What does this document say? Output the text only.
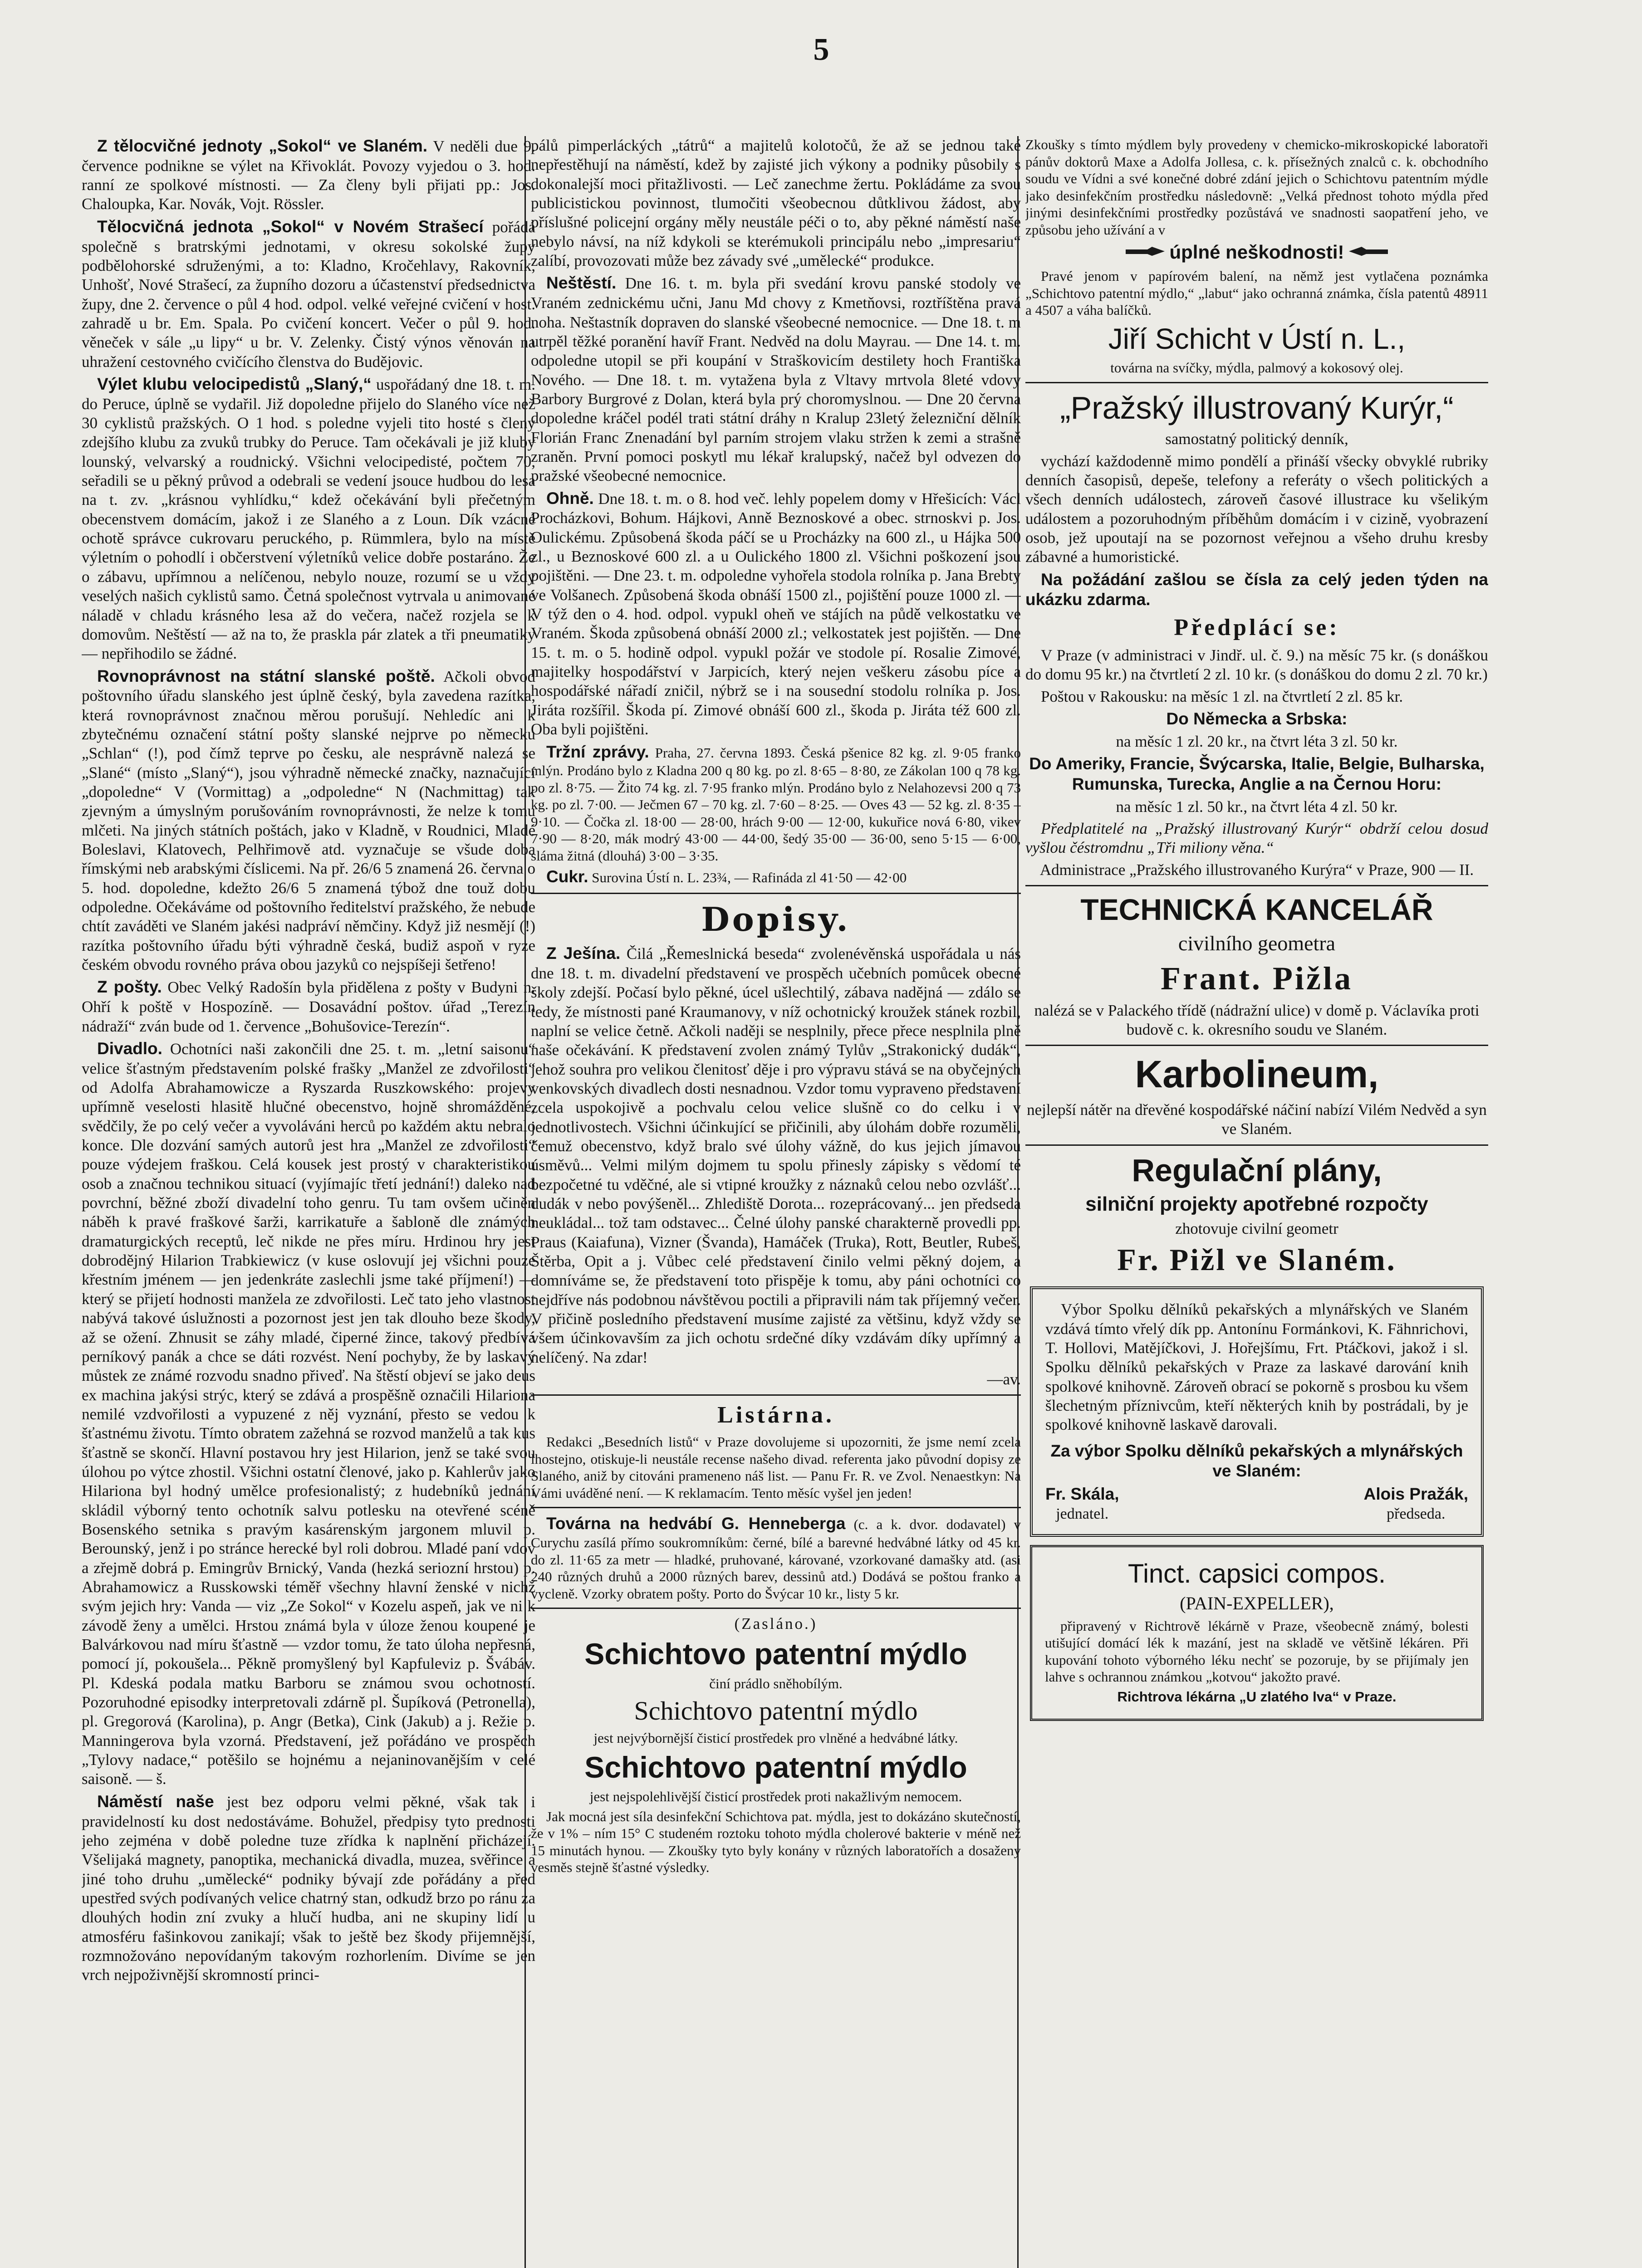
5

Z tělocvičné jednoty „Sokol“ ve Slaném. V neděli due 9. července podnikne se výlet na Křivoklát. Povozy vyjedou o 3. hod. ranní ze spolkové místnosti. — Za členy byli přijati pp.: Jos. Chaloupka, Kar. Novák, Vojt. Rössler.

Tělocvičná jednota „Sokol“ v Novém Strašecí pořádá společně s bratrskými jednotami, v okresu sokolské župy podbělohorské sdruženými, a to: Kladno, Kročehlavy, Rakovník, Unhošť, Nové Strašecí, za župního dozoru a účastenství předsednictva župy, dne 2. července o půl 4 hod. odpol. velké veřejné cvičení v host. zahradě u br. Em. Spala. Po cvičení koncert. Večer o půl 9. hod. věneček v sále „u lipy“ u br. V. Zelenky. Čistý výnos věnován na uhražení cestovného cvičícího členstva do Budějovic.

Výlet klubu velocipedistů „Slaný,“ uspořádaný dne 18. t. m. do Peruce, úplně se vydařil. Již dopoledne přijelo do Slaného více než 30 cyklistů pražských. O 1 hod. s poledne vyjeli tito hosté s členy zdejšího klubu za zvuků trubky do Peruce. Tam očekávali je již kluby lounský, velvarský a roudnický. Všichni velocipedisté, počtem 70, seřadili se u pěkný průvod a odebrali se vedení jsouce hudbou do lesa na t. zv. „krásnou vyhlídku,“ kdež očekávání byli přečetným obecenstvem domácím, jakož i ze Slaného a z Loun. Dík vzácné ochotě správce cukrovaru peruckého, p. Rümmlera, bylo na místě výletním o pohodlí i občerstvení výletníků velice dobře postaráno. Že o zábavu, upřímnou a nelíčenou, nebylo nouze, rozumí se u vždy veselých našich cyklistů samo. Četná společnost vytrvala u animované náladě v chladu krásného lesa až do večera, načež rozjela se k domovům. Neštěstí — až na to, že praskla pár zlatek a tři pneumatiky — nepřihodilo se žádné.

Rovnoprávnost na státní slanské poště. Ačkoli obvod poštovního úřadu slanského jest úplně český, byla zavedena razítka, která rovnoprávnost značnou měrou porušují. Nehledíc ani k zbytečnému označení státní pošty slanské nejprve po německu „Schlan“ (!), pod čímž teprve po česku, ale nesprávně nalezá se „Slané“ (místo „Slaný“), jsou výhradně německé značky, naznačující „dopoledne“ V (Vormittag) a „odpoledne“ N (Nachmittag) tak zjevným a úmyslným porušováním rovnoprávnosti, že nelze k tomu mlčeti. Na jiných státních poštách, jako v Kladně, v Roudnici, Mladé Boleslavi, Klatovech, Pelhřimově atd. vyznačuje se všude doba římskými neb arabskými číslicemi. Na př. 26/6 5 znamená 26. června o 5. hod. dopoledne, kdežto 26/6 5 znamená týbož dne touž dobu odpoledne. Očekáváme od poštovního ředitelství pražského, že nebude chtít zaváděti ve Slaném jakési nadpráví němčiny. Když již nesmějí (!) razítka poštovního úřadu býti výhradně česká, budiž aspoň v ryze českém obvodu rovného práva obou jazyků co nejspíšeji šetřeno!

Z pošty. Obec Velký Radošín byla přidělena z pošty v Budyni n. Ohří k poště v Hospozíně. — Dosavádní poštov. úřad „Terezín nádraží“ zván bude od 1. července „Bohušovice-Terezín“.

Divadlo. Ochotníci naši zakončili dne 25. t. m. „letní saisonu“ velice šťastným představením polské frašky „Manžel ze zdvořilosti“ od Adolfa Abrahamowicze a Ryszarda Ruszkowského: projevy upřímně veselosti hlasitě hlučné obecenstvo, hojně shromážděné, svědčily, že po celý večer a vyvoláváni herců po každém aktu nebralo konce. Dle dozvání samých autorů jest hra „Manžel ze zdvořilosti“ pouze výdejem fraškou. Celá kousek jest prostý v charakteristikou osob a značnou technikou situací (vyjímajíc třetí jednání!) daleko nad povrchní, běžné zboží divadelní toho genru. Tu tam ovšem učiněn náběh k pravé fraškové šarži, karrikatuře a šabloně dle známých dramaturgických receptů, leč nikde ne přes míru. Hrdinou hry jest dobrodějný Hilarion Trabkiewicz (v kuse oslovují jej všichni pouze křestním jménem — jen jedenkráte zaslechli jsme také příjmení!) — který se přijetí hodnosti manžela ze zdvořilosti. Leč tato jeho vlastnost nabývá takové úslužnosti a pozornost jest jen tak dlouho beze škody, až se ožení. Zhnusit se záhy mladé, čiperné žince, takový předbívá perníkový panák a chce se dáti rozvést. Není pochyby, že by laskavý můstek ze známé rozvodu snadno přiveď. Na štěstí objeví se jako deus ex machina jakýsi strýc, který se zdává a prospěšně označili Hilariona nemilé vzdvořilosti a vypuzené z něj vyznání, přesto se vedou k šťastnému životu. Tímto obratem zažehná se rozvod manželů a tak kus šťastně se skončí. Hlavní postavou hry jest Hilarion, jenž se také svou úlohou po výtce zhostil. Všichni ostatní členové, jako p. Kahlerův jako Hilariona byl hodný umělce profesionalistý; z hudebníků jednání skládil výborný tento ochotník salvu potlesku na otevřené scéně Bosenského setnika s pravým kasárenským jargonem mluvil p. Berounský, jenž i po stránce herecké byl roli dobrou. Mladé paní vdov a zřejmě dobrá p. Emingrův Brnický, Vanda (hezká seriozní hrstou) p. Abrahamowicz a Russkowski téměř všechny hlavní ženské v nichž svým jejich hry: Vanda — viz „Ze Sokol“ v Kozelu aspeň, jak ve ni k závodě ženy a umělci. Hrstou známá byla v úloze ženou koupené je Balvárkovou nad míru šťastně — vzdor tomu, že tato úloha nepřesná, pomocí jí, pokoušela... Pěkně promyšlený byl Kapfuleviz p. Švábáv. Pl. Kdeská podala matku Barboru se známou svou ochotností. Pozoruhodné episodky interpretovali zdárně pl. Šupíková (Petronella), pl. Gregorová (Karolina), p. Angr (Betka), Cink (Jakub) a j. Režie p. Manningerova byla vzorná. Představení, jež pořádáno ve prospěch „Tylovy nadace,“ potěšilo se hojnému a nejaninovanějším v celé saisoně. — š.

Náměstí naše jest bez odporu velmi pěkné, však tak i pravidelností ku dost nedostáváme. Bohužel, předpisy tyto prednosti jeho zejména v době poledne tuze zřídka k naplnění přicházejí. Všelijaká magnety, panoptika, mechanická divadla, muzea, svěřince a jiné toho druhu „umělecké“ podniky bývají zde pořádány a před upestřed svých podívaných velice chatrný stan, odkudž brzo po ránu za dlouhých hodin zní zvuky a hlučí hudba, ani ne skupiny lidí u atmosféru fašinkovou zanikají; však to ještě bez škody přijemnější, rozmnožováno nepovídaným takovým rozhorlením. Divíme se jen vrch nejpoživnější skromností princi-

pálů pimperláckých „tátrů“ a majitelů kolotočů, že až se jednou také nepřestěhují na náměstí, kdež by zajisté jich výkony a podniky působily s dokonalejší moci přitažlivosti. — Leč zanechme žertu. Pokládáme za svou publicistickou povinnost, tlumočiti všeobecnou důtklivou žádost, aby příslušné policejní orgány měly neustále péči o to, aby pěkné náměstí naše nebylo návsí, na níž kdykoli se kterémukoli principálu nebo „impresariu“ zalíbí, provozovati může bez závady své „umělecké“ produkce.

Neštěstí. Dne 16. t. m. byla při svedání krovu panské stodoly ve Vraném zednickému učni, Janu Md chovy z Kmetňovsi, roztříštěna pravá noha. Neštastník dopraven do slanské všeobecné nemocnice. — Dne 18. t. m utrpěl těžké poranění havíř Frant. Nedvěd na dolu Mayrau. — Dne 14. t. m. odpoledne utopil se při koupání v Straškovicím destilety hoch Františka Nového. — Dne 18. t. m. vytažena byla z Vltavy mrtvola 8leté vdovy Barbory Burgrové z Dolan, která byla prý choromyslnou. — Dne 20 června dopoledne kráčel podél trati státní dráhy n Kralup 23letý železniční dělník Florián Franc Znenadání byl parním strojem vlaku stržen k zemi a strašně zraněn. První pomoci poskytl mu lékař kralupský, načež byl odvezen do pražské všeobecné nemocnice.

Ohně. Dne 18. t. m. o 8. hod več. lehly popelem domy v Hřešicích: Václ Procházkovi, Bohum. Hájkovi, Anně Beznoskové a obec. strnoskvi p. Jos. Oulickému. Způsobená škoda páčí se u Procházky na 600 zl., u Hájka 500 zl., u Beznoskové 600 zl. a u Oulického 1800 zl. Všichni poškození jsou pojištěni. — Dne 23. t. m. odpoledne vyhořela stodola rolníka p. Jana Brebty ve Volšanech. Způsobená škoda obnáší 1500 zl., pojištění pouze 1000 zl. — V týž den o 4. hod. odpol. vypukl oheň ve stájích na půdě velkostatku ve Vraném. Škoda způsobená obnáší 2000 zl.; velkostatek jest pojištěn. — Dne 15. t. m. o 5. hodině odpol. vypukl požár ve stodole pí. Rosalie Zimové, majitelky hospodářství v Jarpicích, který nejen veškeru zásobu píce a hospodářské nářadí zničil, nýbrž se i na sousední stodolu rolníka p. Jos. Jiráta rozšířil. Škoda pí. Zimové obnáší 600 zl., škoda p. Jiráta též 600 zl. Oba byli pojištěni.

Tržní zprávy. Praha, 27. června 1893. Česká pšenice 82 kg. zl. 9·05 franko mlýn. Prodáno bylo z Kladna 200 q 80 kg. po zl. 8·65 – 8·80, ze Zákolan 100 q 78 kg. po zl. 8·75. — Žito 74 kg. zl. 7·95 franko mlýn. Prodáno bylo z Nelahozevsi 200 q 73 kg. po zl. 7·00. — Ječmen 67 – 70 kg. zl. 7·60 – 8·25. — Oves 43 — 52 kg. zl. 8·35 – 9·10. — Čočka zl. 18·00 — 28·00, hrách 9·00 — 12·00, kukuřice nová 6·80, vikev 7·90 — 8·20, mák modrý 43·00 — 44·00, šedý 35·00 — 36·00, seno 5·15 — 6·00, sláma žitná (dlouhá) 3·00 – 3·35.

Cukr. Surovina Ústí n. L. 23¾, — Rafináda zl 41·50 — 42·00

Dopisy.

Z Ješína. Čilá „Řemeslnická beseda“ zvolenévěnská uspořádala u nás dne 18. t. m. divadelní představení ve prospěch učebních pomůcek obecné školy zdejší. Počasí bylo pěkné, úcel ušlechtilý, zábava nadějná — zdálo se tedy, že místnosti pané Kraumanovy, v níž ochotnický kroužek stánek rozbil, naplní se velice četně. Ačkoli naději se nesplnily, přece přece nesplnila plně naše očekávání. K představení zvolen známý Tylův „Strakonický dudák“, jehož souhra pro velikou členitosť děje i pro výpravu stává se na obyčejných venkovských divadlech dosti nesnadnou. Vzdor tomu vypraveno představení zcela uspokojivě a pochvalu celou velice slušně co do celku i v jednotlivostech. Všichni účinkující se přičinili, aby úlohám dobře rozuměli, čemuž obecenstvo, když bralo své úlohy vážně, do kus jejich jímavou úsměvů... Velmi milým dojmem tu spolu přinesly zápisky s vědomí té bezpočetné tu vděčné, ale si vtipné kroužky z náznaků celou nebo ozvlášť... dudák v nebo povýšeněl... Zhlediště Dorota... rozeprácovaný... jen předseda neukládal... tož tam odstavec... Čelné úlohy panské charakterně provedli pp. Praus (Kaiafuna), Vizner (Švanda), Hamáček (Truka), Rott, Beutler, Rubeš, Štěrba, Opit a j. Vůbec celé představení činilo velmi pěkný dojem, a domníváme se, že představení toto přispěje k tomu, aby páni ochotníci co nejdříve nás podobnou návštěvou poctili a připravili nám tak příjemný večer. V přičině posledního představení musíme zajisté za většinu, když vždy se všem účinkovavším za jich ochotu srdečné díky vzdávám díky upřímný a nelíčený. Na zdar!

—av.

Listárna.

Redakci „Besedních listů“ v Praze dovolujeme si upozorniti, že jsme nemí zcela lhostejno, otiskuje-li neustále recense našeho divad. referenta jako původní dopisy ze Slaného, aniž by citováni prameneno náš list. — Panu Fr. R. ve Zvol. Nenaestkyn: Na Vámi uváděné není. — K reklamacím. Tento měsíc vyšel jen jeden!

Továrna na hedvábí G. Henneberga (c. a k. dvor. dodavatel) v Curychu zasílá přímo soukromníkům: černé, bílé a barevné hedvábné látky od 45 kr. do zl. 11·65 za metr — hladké, pruhované, kárované, vzorkované damašky atd. (asi 240 různých druhů a 2000 různých barev, dessinů atd.) Dodává se poštou franko a vycleně. Vzorky obratem pošty. Porto do Švýcar 10 kr., listy 5 kr.

(Zasláno.)

Schichtovo patentní mýdlo

činí prádlo sněhobílým.

Schichtovo patentní mýdlo

jest nejvýbornější čisticí prostředek pro vlněné a hedvábné látky.

Schichtovo patentní mýdlo

jest nejspolehlivější čisticí prostředek proti nakažlivým nemocem.

Jak mocná jest síla desinfekční Schichtova pat. mýdla, jest to dokázáno skutečností, že v 1% – ním 15° C studeném roztoku tohoto mýdla cholerové bakterie v méně než 15 minutách hynou. — Zkoušky tyto byly konány v různých laboratořích a dosaženy vesměs stejně šťastné výsledky.

Zkoušky s tímto mýdlem byly provedeny v chemicko-mikroskopické laboratoři pánův doktorů Maxe a Adolfa Jollesa, c. k. přísežných znalců c. k. obchodního soudu ve Vídni a své konečné dobré zdání jejich o Schichtovu patentním mýdle jako desinfekčním prostředku následovně: „Velká přednost tohoto mýdla před jinými desinfekčními prostředky pozůstává ve snadnosti saopatření jeho, ve způsobu jeho užívání a v

úplné neškodnosti!

Pravé jenom v papírovém balení, na němž jest vytlačena poznámka „Schichtovo patentní mýdlo,“ „labut“ jako ochranná známka, čísla patentů 48911 a 4507 a váha balíčků.

Jiří Schicht v Ústí n. L.,

továrna na svíčky, mýdla, palmový a kokosový olej.

„Pražský illustrovaný Kurýr,“

samostatný politický denník,

vychází každodenně mimo pondělí a přináší všecky obvyklé rubriky denních časopisů, depeše, telefony a referáty o všech politických a všech denních událostech, zároveň časové illustrace ku všelikým událostem a pozoruhodným příběhům domácím i v cizině, vyobrazení osob, jež upoutají na se pozornost veřejnou a všeho druhu kresby zábavné a humoristické.

Na požádání zašlou se čísla za celý jeden týden na ukázku zdarma.

Předplácí se:

V Praze (v administraci v Jindř. ul. č. 9.) na měsíc 75 kr. (s donáškou do domu 95 kr.) na čtvrtletí 2 zl. 10 kr. (s donáškou do domu 2 zl. 70 kr.)

Poštou v Rakousku: na měsíc 1 zl. na čtvrtletí 2 zl. 85 kr.

Do Německa a Srbska:

na měsíc 1 zl. 20 kr., na čtvrt léta 3 zl. 50 kr.

Do Ameriky, Francie, Švýcarska, Italie, Belgie, Bulharska, Rumunska, Turecka, Anglie a na Černou Horu:

na měsíc 1 zl. 50 kr., na čtvrt léta 4 zl. 50 kr.

Předplatitelé na „Pražský illustrovaný Kurýr“ obdrží celou dosud vyšlou čéstromdnu „Tři miliony věna.“

Administrace „Pražského illustrovaného Kurýra“ v Praze, 900 — II.

TECHNICKÁ KANCELÁŘ

civilního geometra

Frant. Pižla

nalézá se v Palackého třídě (nádražní ulice) v domě p. Václavíka proti budově c. k. okresního soudu ve Slaném.

Karbolineum,

nejlepší nátěr na dřevěné kospodářské náčiní nabízí Vilém Nedvěd a syn ve Slaném.

Regulační plány,

silniční projekty apotřebné rozpočty

zhotovuje civilní geometr

Fr. Pižl ve Slaném.

Výbor Spolku dělníků pekařských a mlynářských ve Slaném vzdává tímto vřelý dík pp. Antonínu Formánkovi, K. Fähnrichovi, T. Hollovi, Matějíčkovi, J. Hořejšímu, Frt. Ptáčkovi, jakož i sl. Spolku dělníků pekařských v Praze za laskavé darování knih spolkové knihovně. Zároveň obrací se pokorně s prosbou ku všem šlechetným příznivcům, kteří některých knih by postrádali, by je spolkové knihovně laskavě darovali.

Za výbor Spolku dělníků pekařských a mlynářských ve Slaném:

Fr. Skála,
jednatel.
Alois Pražák,
předseda.

Tinct. capsici compos.

(PAIN-EXPELLER),

připravený v Richtrově lékárně v Praze, všeobecně známý, bolesti utišující domácí lék k mazání, jest na skladě ve většině lékáren. Při kupování tohoto výborného léku nechť se pozoruje, by se přijímaly jen lahve s ochrannou známkou „kotvou“ jakožto pravé.

Richtrova lékárna „U zlatého lva“ v Praze.
